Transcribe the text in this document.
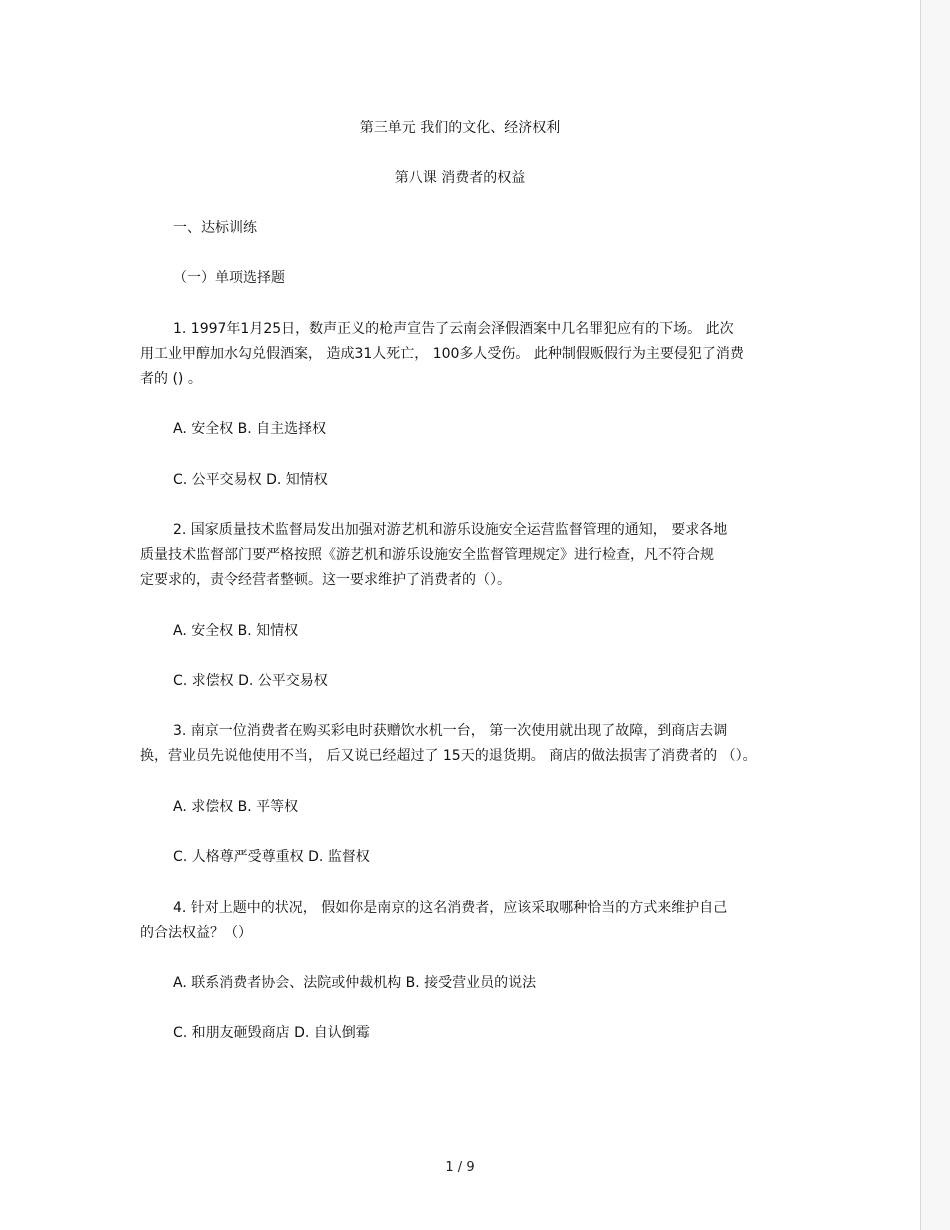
第三单元 我们的文化、经济权利
第八课 消费者的权益
一、达标训练
（一）单项选择题
1. 1997年1月25日，数声正义的枪声宣告了云南会泽假酒案中几名罪犯应有的下场。 此次
用工业甲醇加水勾兑假酒案， 造成31人死亡， 100多人受伤。 此种制假贩假行为主要侵犯了消费
者的 () 。
A. 安全权 B. 自主选择权
C. 公平交易权 D. 知情权
2. 国家质量技术监督局发出加强对游艺机和游乐设施安全运营监督管理的通知， 要求各地
质量技术监督部门要严格按照《游艺机和游乐设施安全监督管理规定》进行检查，凡不符合规
定要求的，责令经营者整顿。这一要求维护了消费者的（）。
A. 安全权 B. 知情权
C. 求偿权 D. 公平交易权
3. 南京一位消费者在购买彩电时获赠饮水机一台， 第一次使用就出现了故障，到商店去调
换，营业员先说他使用不当， 后又说已经超过了 15天的退货期。 商店的做法损害了消费者的 （）。
A. 求偿权 B. 平等权
C. 人格尊严受尊重权 D. 监督权
4. 针对上题中的状况， 假如你是南京的这名消费者，应该采取哪种恰当的方式来维护自己
的合法权益？（）
A. 联系消费者协会、法院或仲裁机构 B. 接受营业员的说法
C. 和朋友砸毁商店 D. 自认倒霉
1 / 9
